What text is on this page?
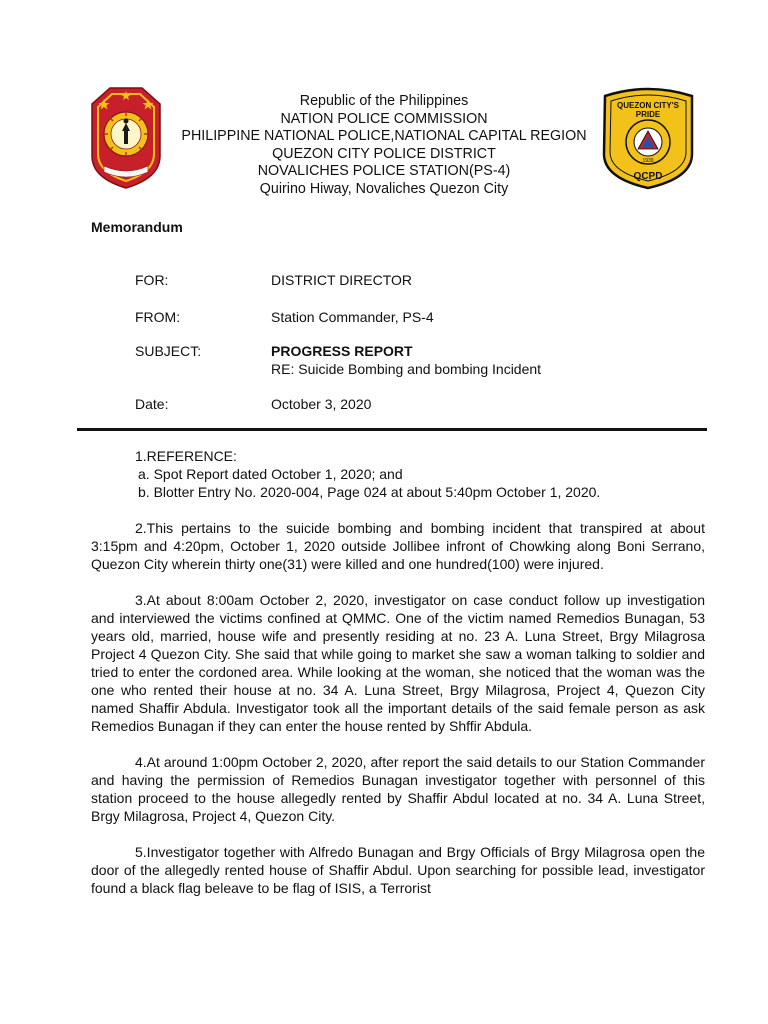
Republic of the Philippines
NATION POLICE COMMISSION
PHILIPPINE NATIONAL POLICE,NATIONAL CAPITAL REGION
QUEZON CITY POLICE DISTRICT
NOVALICHES POLICE STATION(PS-4)
Quirino Hiway, Novaliches Quezon City
QUEZON CITY'S
PRIDE
1939
QCPD
Memorandum
FOR:	DISTRICT DIRECTOR
FROM:	Station Commander, PS-4
SUBJECT:	PROGRESS REPORT
RE: Suicide Bombing and bombing Incident
Date:	October 3, 2020
1.REFERENCE:
a. Spot Report dated October 1, 2020; and
b. Blotter Entry No. 2020-004, Page 024 at about 5:40pm October 1, 2020.
2.This pertains to the suicide bombing and bombing incident that transpired at about 3:15pm and 4:20pm, October 1, 2020 outside Jollibee infront of Chowking along Boni Serrano, Quezon City wherein thirty one(31) were killed and one hundred(100) were injured.
3.At about 8:00am October 2, 2020, investigator on case conduct follow up investigation and interviewed the victims confined at QMMC. One of the victim named Remedios Bunagan, 53 years old, married, house wife and presently residing at no. 23 A. Luna Street, Brgy Milagrosa Project 4 Quezon City. She said that while going to market she saw a woman talking to soldier and tried to enter the cordoned area. While looking at the woman, she noticed that the woman was the one who rented their house at no. 34 A. Luna Street, Brgy Milagrosa, Project 4, Quezon City named Shaffir Abdula. Investigator took all the important details of the said female person as ask Remedios Bunagan if they can enter the house rented by Shffir Abdula.
4.At around 1:00pm October 2, 2020, after report the said details to our Station Commander and having the permission of Remedios Bunagan investigator together with personnel of this station proceed to the house allegedly rented by Shaffir Abdul located at no. 34 A. Luna Street, Brgy Milagrosa, Project 4, Quezon City.
5.Investigator together with Alfredo Bunagan and Brgy Officials of Brgy Milagrosa open the door of the allegedly rented house of Shaffir Abdul. Upon searching for possible lead, investigator found a black flag beleave to be flag of ISIS, a Terrorist
